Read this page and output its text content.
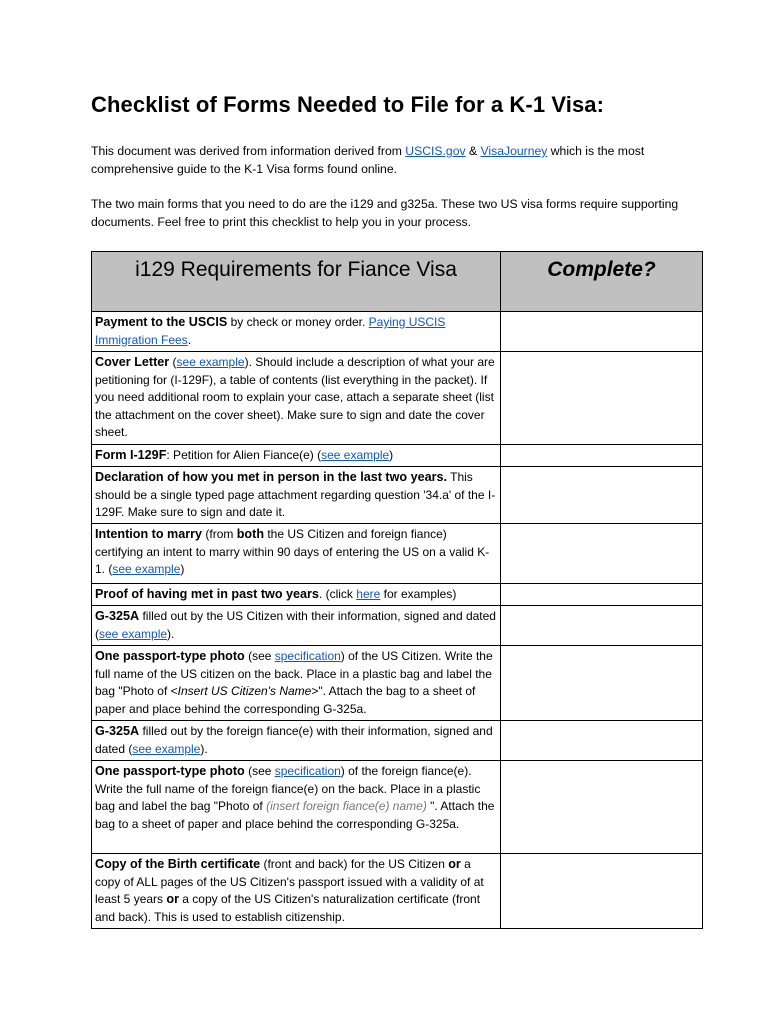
Checklist of Forms Needed to File for a K-1 Visa:

This document was derived from information derived from USCIS.gov & VisaJourney which is the most comprehensive guide to the K-1 Visa forms found online.

The two main forms that you need to do are the i129 and g325a. These two US visa forms require supporting documents. Feel free to print this checklist to help you in your process.

i129 Requirements for Fiance Visa	Complete?
Payment to the USCIS by check or money order. Paying USCIS Immigration Fees.	
Cover Letter (see example). Should include a description of what your are petitioning for (I-129F), a table of contents (list everything in the packet). If you need additional room to explain your case, attach a separate sheet (list the attachment on the cover sheet). Make sure to sign and date the cover sheet.	
Form I-129F: Petition for Alien Fiance(e) (see example)	
Declaration of how you met in person in the last two years. This should be a single typed page attachment regarding question '34.a' of the I-129F. Make sure to sign and date it.	
Intention to marry (from both the US Citizen and foreign fiance) certifying an intent to marry within 90 days of entering the US on a valid K-1. (see example)	
Proof of having met in past two years. (click here for examples)	
G-325A filled out by the US Citizen with their information, signed and dated (see example).	
One passport-type photo (see specification) of the US Citizen. Write the full name of the US citizen on the back. Place in a plastic bag and label the bag "Photo of <Insert US Citizen's Name>". Attach the bag to a sheet of paper and place behind the corresponding G-325a.	
G-325A filled out by the foreign fiance(e) with their information, signed and dated (see example).	
One passport-type photo (see specification) of the foreign fiance(e). Write the full name of the foreign fiance(e) on the back. Place in a plastic bag and label the bag "Photo of (insert foreign fiance(e) name) ". Attach the bag to a sheet of paper and place behind the corresponding G-325a.	
Copy of the Birth certificate (front and back) for the US Citizen or a copy of ALL pages of the US Citizen's passport issued with a validity of at least 5 years or a copy of the US Citizen's naturalization certificate (front and back). This is used to establish citizenship.	
